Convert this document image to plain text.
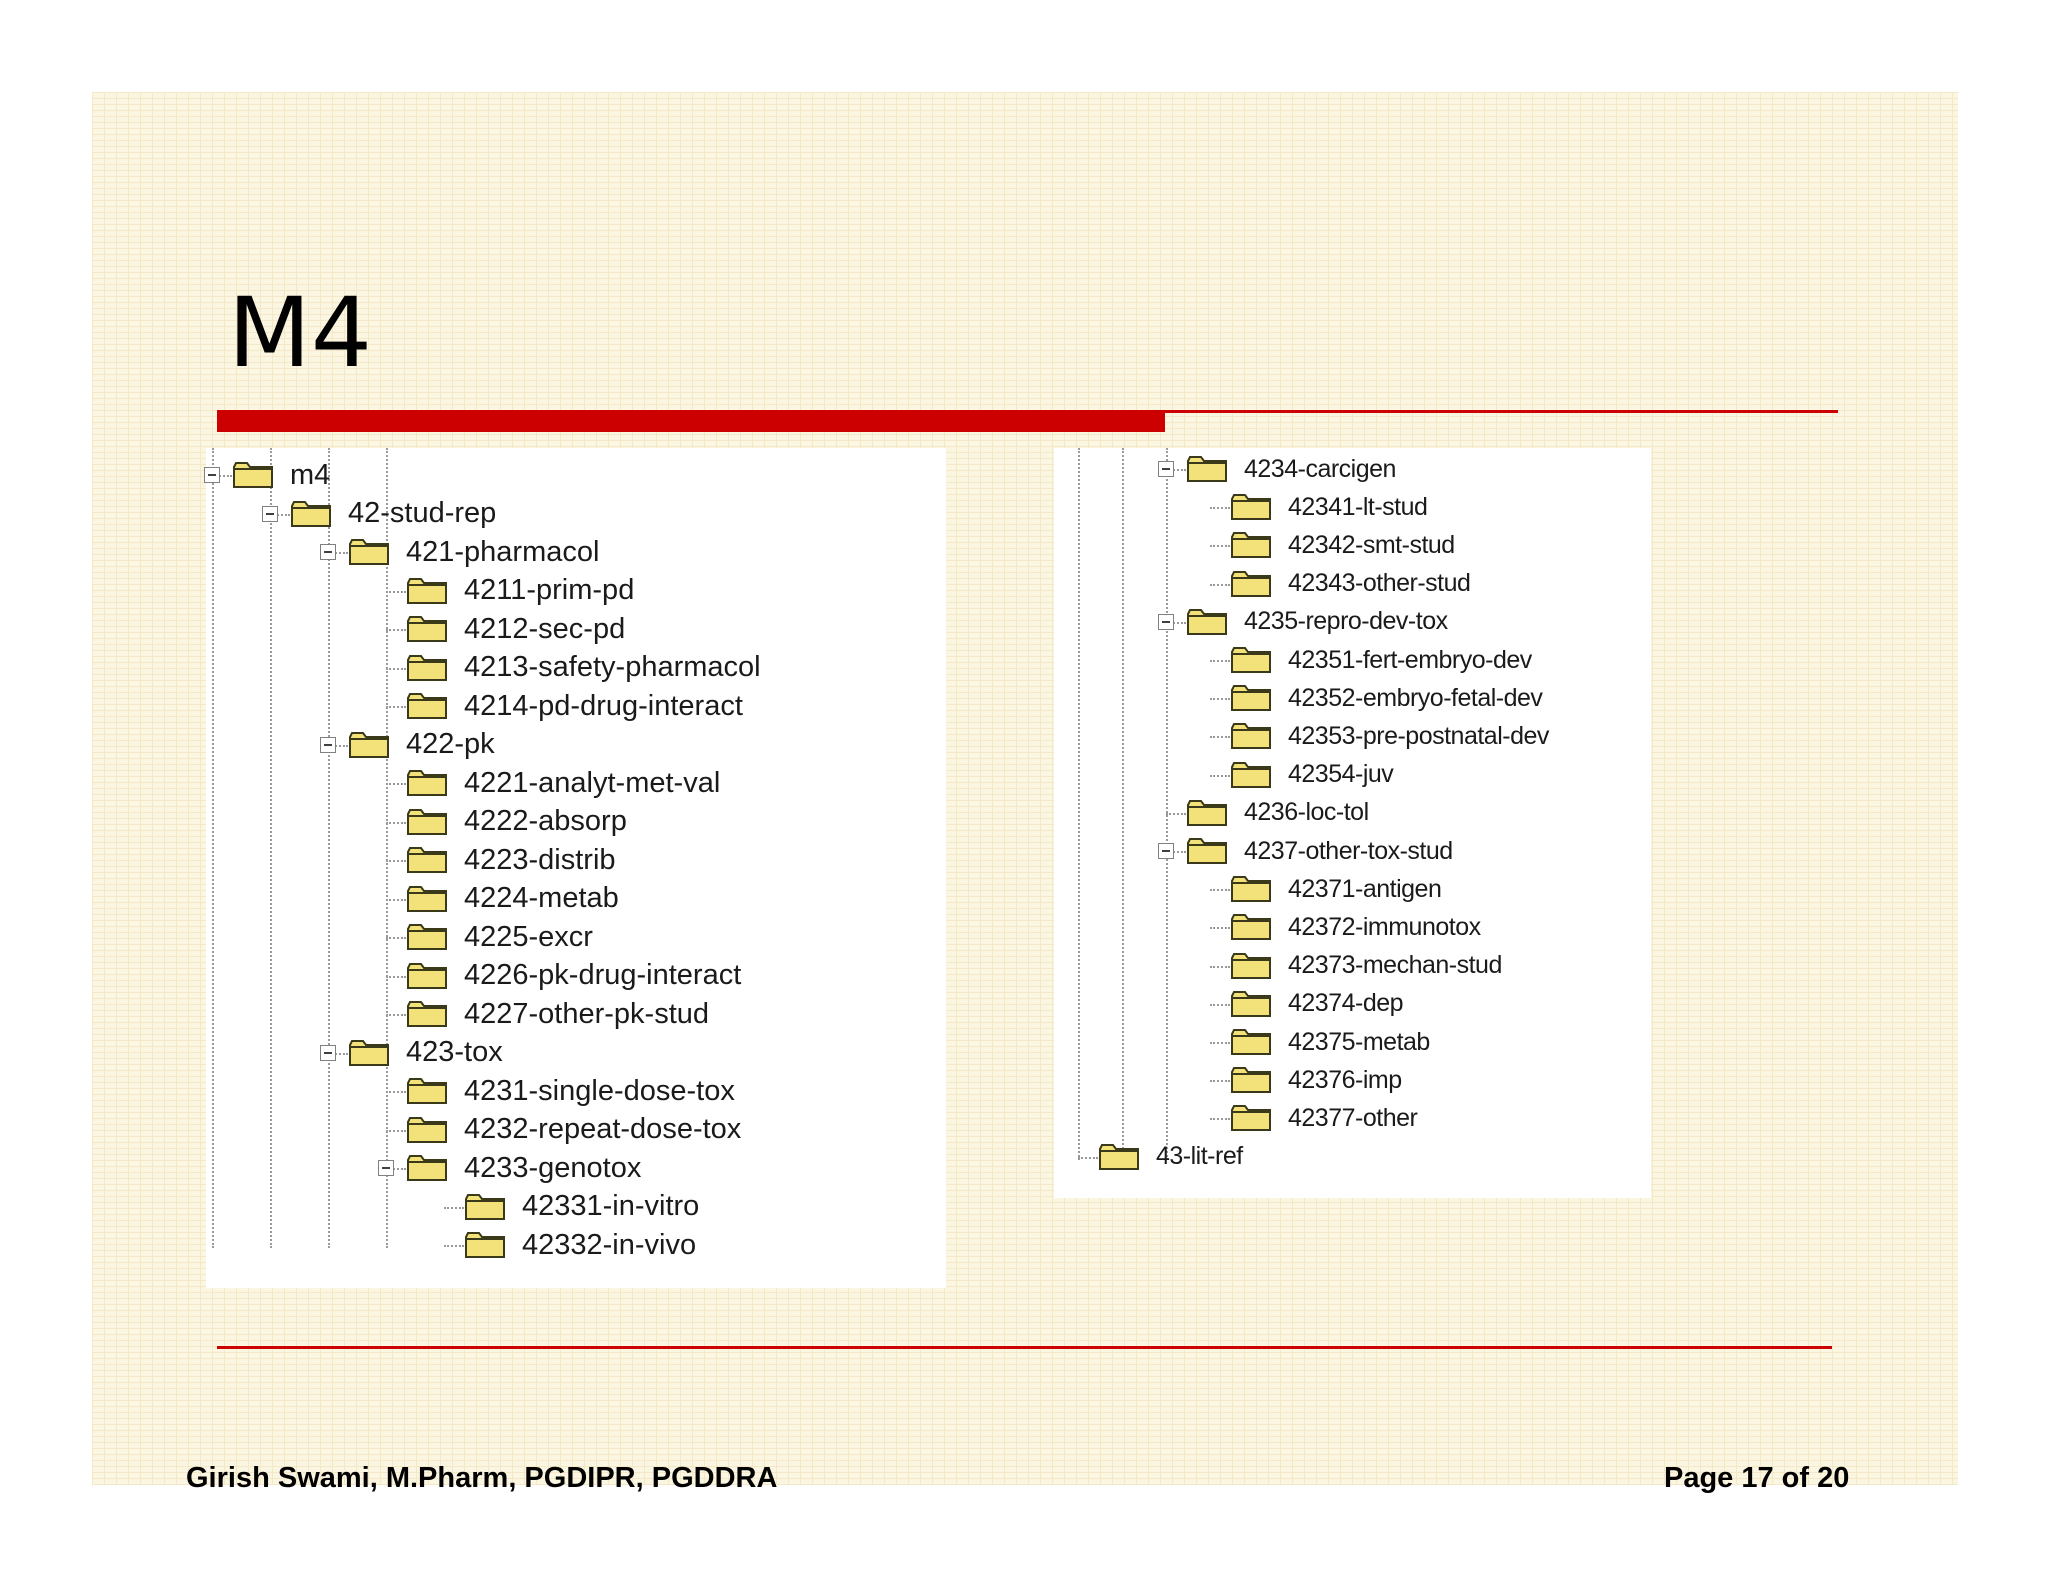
M4
m4
42-stud-rep
421-pharmacol
4211-prim-pd
4212-sec-pd
4213-safety-pharmacol
4214-pd-drug-interact
422-pk
4221-analyt-met-val
4222-absorp
4223-distrib
4224-metab
4225-excr
4226-pk-drug-interact
4227-other-pk-stud
423-tox
4231-single-dose-tox
4232-repeat-dose-tox
4233-genotox
42331-in-vitro
42332-in-vivo
4234-carcigen
42341-lt-stud
42342-smt-stud
42343-other-stud
4235-repro-dev-tox
42351-fert-embryo-dev
42352-embryo-fetal-dev
42353-pre-postnatal-dev
42354-juv
4236-loc-tol
4237-other-tox-stud
42371-antigen
42372-immunotox
42373-mechan-stud
42374-dep
42375-metab
42376-imp
42377-other
43-lit-ref
Girish Swami, M.Pharm, PGDIPR, PGDDRA	Page 17 of 20
